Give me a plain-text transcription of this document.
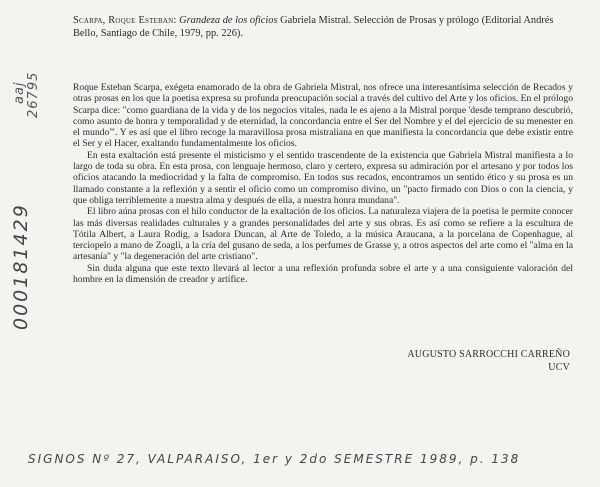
Scarpa, Roque Esteban: Grandeza de los oficios Gabriela Mistral. Selección de Prosas y prólogo (Editorial Andrés Bello, Santiago de Chile, 1979, pp. 226).
aaj 26795
000181429

Roque Esteban Scarpa, exégeta enamorado de la obra de Gabriela Mistral, nos ofrece una interesantísima selección de Recados y otras prosas en los que la poetisa expresa su profunda preocupación social a través del cultivo del Arte y los oficios. En el prólogo Scarpa dice: "como guardiana de la vida y de los negocios vitales, nada le es ajeno a la Mistral porque 'desde temprano descubrió, como asunto de honra y temporalidad y de eternidad, la concordancia entre el Ser del Nombre y el del ejercicio de su menester en el mundo'". Y es así que el libro recoge la maravillosa prosa mistraliana en que manifiesta la concordancia que debe existir entre el Ser y el Hacer, exaltando fundamentalmente los oficios.

En esta exaltación está presente el misticismo y el sentido trascendente de la existencia que Gabriela Mistral manifiesta a lo largo de toda su obra. En esta prosa, con lenguaje hermoso, claro y certero, expresa su admiración por el artesano y por todos los oficios atacando la mediocridad y la falta de compromiso. En todos sus recados, encontramos un sentido ético y su prosa es un llamado constante a la reflexión y a sentir el oficio como un compromiso divino, un "pacto firmado con Dios o con la ciencia, y que obliga terriblemente a nuestra alma y después de ella, a nuestra honra mundana".

El libro aúna prosas con el hilo conductor de la exaltación de los oficios. La naturaleza viajera de la poetisa le permite conocer las más diversas realidades culturales y a grandes personalidades del arte y sus obras. Es así como se refiere a la escultura de Tótila Albert, a Laura Rodig, a Isadora Duncan, al Arte de Toledo, a la música Araucana, a la porcelana de Copenhague, al terciopelo a mano de Zoagli, a la cría del gusano de seda, a los perfumes de Grasse y, a otros aspectos del arte como el "alma en la artesanía" y "la degeneración del arte cristiano".

Sin duda alguna que este texto llevará al lector a una reflexión profunda sobre el arte y a una consiguiente valoración del hombre en la dimensión de creador y artífice.

AUGUSTO SARROCCHI CARREÑO
UCV
SIGNOS Nº 27, VALPARAISO, 1er y 2do SEMESTRE 1989, p. 138
